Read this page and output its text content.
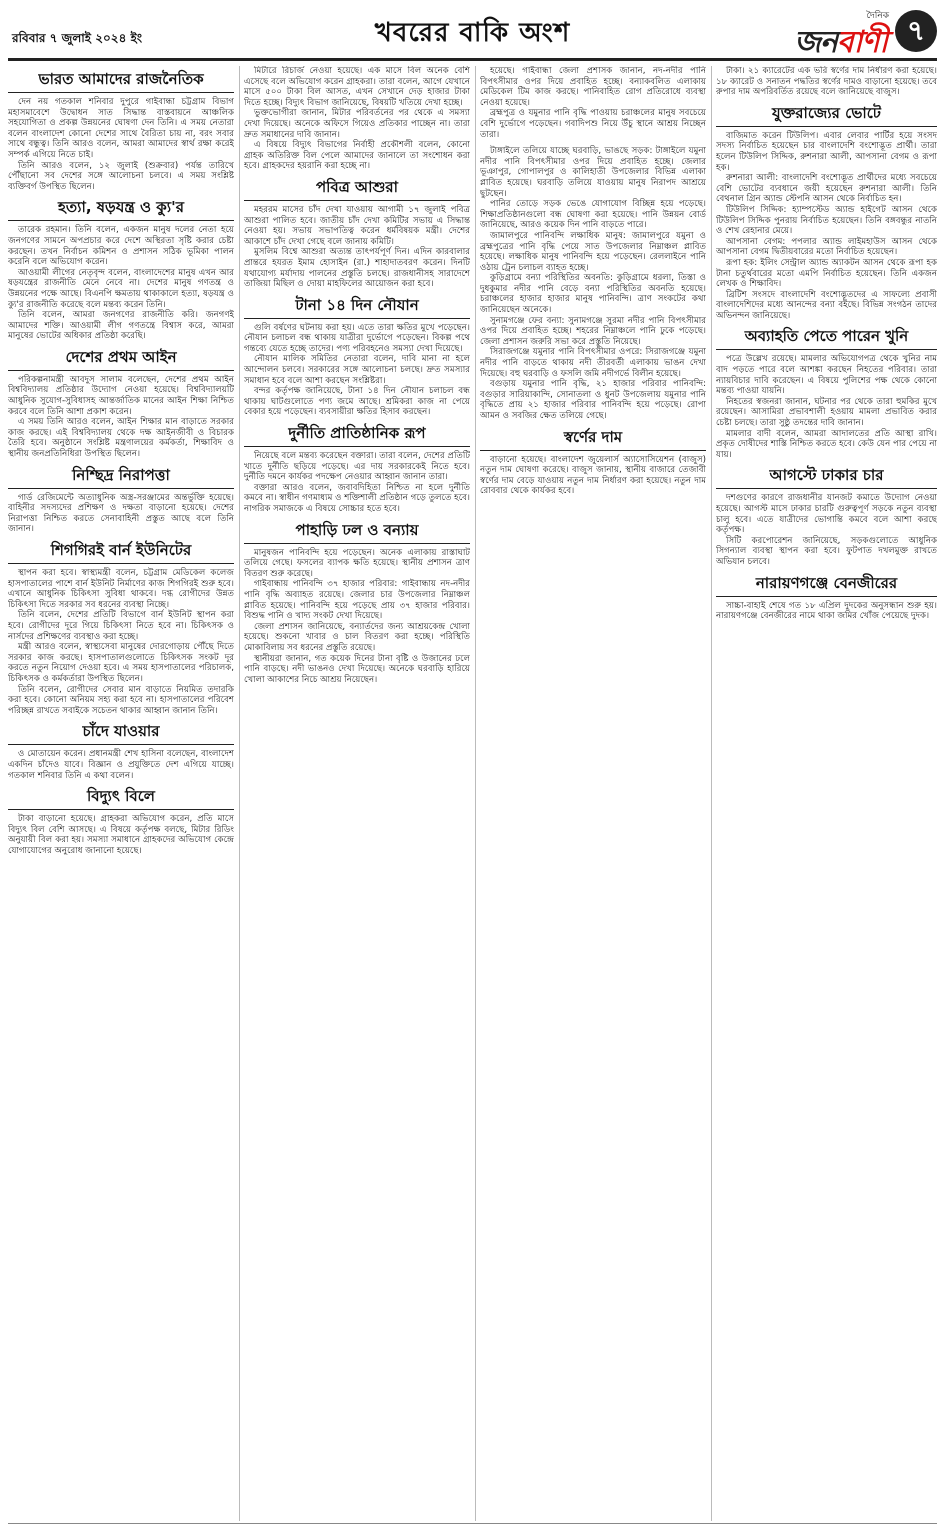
রবিবার ৭ জুলাই ২০২৪ ইং	খবরের বাকি অংশ
দৈনিক
জনবাণী ৭
ভারত আমাদের রাজনৈতিক

দেন নয় গতকাল শনিবার দুপুরে গাইবান্ধা চট্টগ্রাম বিভাগ মহাসমাবেশে উদ্বোধন সাত সিদ্ধান্ত বাস্তবায়নে আঞ্চলিক সহযোগিতা ও প্রকল্প উন্নয়নের ঘোষণা দেন তিনি। এ সময় নেতারা বলেন বাংলাদেশ কোনো দেশের সাথে বৈরিতা চায় না, বরং সবার সাথে বন্ধুত্ব। তিনি আরও বলেন, আমরা আমাদের স্বার্থ রক্ষা করেই সম্পর্ক এগিয়ে নিতে চাই।

তিনি আরও বলেন, ১২ জুলাই (শুক্রবার) পর্যন্ত তারিখে পৌঁছানো সব দেশের সঙ্গে আলোচনা চলবে। এ সময় সংশ্লিষ্ট ব্যক্তিবর্গ উপস্থিত ছিলেন।

হত্যা, ষড়যন্ত্র ও ক্যু'র

তারেক রহমান। তিনি বলেন, একজন মানুষ দলের নেতা হয়ে জনগণের সামনে অপপ্রচার করে দেশে অস্থিরতা সৃষ্টি করার চেষ্টা করছেন। তখন নির্বাচন কমিশন ও প্রশাসন সঠিক ভূমিকা পালন করেনি বলে অভিযোগ করেন।

আওয়ামী লীগের নেতৃবৃন্দ বলেন, বাংলাদেশের মানুষ এখন আর ষড়যন্ত্রের রাজনীতি মেনে নেবে না। দেশের মানুষ গণতন্ত্র ও উন্নয়নের পক্ষে আছে। বিএনপি ক্ষমতায় থাকাকালে হত্যা, ষড়যন্ত্র ও ক্যু'র রাজনীতি করেছে বলে মন্তব্য করেন তিনি।

তিনি বলেন, আমরা জনগণের রাজনীতি করি। জনগণই আমাদের শক্তি। আওয়ামী লীগ গণতন্ত্রে বিশ্বাস করে, আমরা মানুষের ভোটের অধিকার প্রতিষ্ঠা করেছি।

দেশের প্রথম আইন

পরিকল্পনামন্ত্রী আবদুস সালাম বলেছেন, দেশের প্রথম আইন বিশ্ববিদ্যালয় প্রতিষ্ঠার উদ্যোগ নেওয়া হয়েছে। বিশ্ববিদ্যালয়টি আধুনিক সুযোগ-সুবিধাসহ আন্তর্জাতিক মানের আইন শিক্ষা নিশ্চিত করবে বলে তিনি আশা প্রকাশ করেন।

এ সময় তিনি আরও বলেন, আইন শিক্ষার মান বাড়াতে সরকার কাজ করছে। এই বিশ্ববিদ্যালয় থেকে দক্ষ আইনজীবী ও বিচারক তৈরি হবে। অনুষ্ঠানে সংশ্লিষ্ট মন্ত্রণালয়ের কর্মকর্তা, শিক্ষাবিদ ও স্থানীয় জনপ্রতিনিধিরা উপস্থিত ছিলেন।

নিশ্ছিদ্র নিরাপত্তা

গার্ড রেজিমেন্টে অত্যাধুনিক অস্ত্র-সরঞ্জামের অন্তর্ভুক্তি হয়েছে। বাহিনীর সদস্যদের প্রশিক্ষণ ও দক্ষতা বাড়ানো হয়েছে। দেশের নিরাপত্তা নিশ্চিত করতে সেনাবাহিনী প্রস্তুত আছে বলে তিনি জানান।

শিগগিরই বার্ন ইউনিটের

স্থাপন করা হবে। স্বাস্থ্যমন্ত্রী বলেন, চট্টগ্রাম মেডিকেল কলেজ হাসপাতালের পাশে বার্ন ইউনিট নির্মাণের কাজ শিগগিরই শুরু হবে। এখানে আধুনিক চিকিৎসা সুবিধা থাকবে। দগ্ধ রোগীদের উন্নত চিকিৎসা দিতে সরকার সব ধরনের ব্যবস্থা নিচ্ছে।

তিনি বলেন, দেশের প্রতিটি বিভাগে বার্ন ইউনিট স্থাপন করা হবে। রোগীদের দূরে গিয়ে চিকিৎসা নিতে হবে না। চিকিৎসক ও নার্সদের প্রশিক্ষণের ব্যবস্থাও করা হচ্ছে।

মন্ত্রী আরও বলেন, স্বাস্থ্যসেবা মানুষের দোরগোড়ায় পৌঁছে দিতে সরকার কাজ করছে। হাসপাতালগুলোতে চিকিৎসক সংকট দূর করতে নতুন নিয়োগ দেওয়া হবে। এ সময় হাসপাতালের পরিচালক, চিকিৎসক ও কর্মকর্তারা উপস্থিত ছিলেন।

তিনি বলেন, রোগীদের সেবার মান বাড়াতে নিয়মিত তদারকি করা হবে। কোনো অনিয়ম সহ্য করা হবে না। হাসপাতালের পরিবেশ পরিচ্ছন্ন রাখতে সবাইকে সচেতন থাকার আহ্বান জানান তিনি।

চাঁদে যাওয়ার

ও মোতায়েন করেন। প্রধানমন্ত্রী শেখ হাসিনা বলেছেন, বাংলাদেশ একদিন চাঁদেও যাবে। বিজ্ঞান ও প্রযুক্তিতে দেশ এগিয়ে যাচ্ছে। গতকাল শনিবার তিনি এ কথা বলেন।

বিদ্যুৎ বিলে

টাকা বাড়ানো হয়েছে। গ্রাহকরা অভিযোগ করেন, প্রতি মাসে বিদ্যুৎ বিল বেশি আসছে। এ বিষয়ে কর্তৃপক্ষ বলছে, মিটার রিডিং অনুযায়ী বিল করা হয়। সমস্যা সমাধানে গ্রাহকদের অভিযোগ কেন্দ্রে যোগাযোগের অনুরোধ জানানো হয়েছে।

মিটারে রিচার্জ নেওয়া হয়েছে। এক মাসে বিল অনেক বেশি এসেছে বলে অভিযোগ করেন গ্রাহকরা। তারা বলেন, আগে যেখানে মাসে ৫০০ টাকা বিল আসত, এখন সেখানে দেড় হাজার টাকা দিতে হচ্ছে। বিদ্যুৎ বিভাগ জানিয়েছে, বিষয়টি খতিয়ে দেখা হচ্ছে।

ভুক্তভোগীরা জানান, মিটার পরিবর্তনের পর থেকে এ সমস্যা দেখা দিয়েছে। অনেকে অফিসে গিয়েও প্রতিকার পাচ্ছেন না। তারা দ্রুত সমাধানের দাবি জানান।

এ বিষয়ে বিদ্যুৎ বিভাগের নির্বাহী প্রকৌশলী বলেন, কোনো গ্রাহক অতিরিক্ত বিল পেলে আমাদের জানালে তা সংশোধন করা হবে। গ্রাহকদের হয়রানি করা হচ্ছে না।

পবিত্র আশুরা

মহররম মাসের চাঁদ দেখা যাওয়ায় আগামী ১৭ জুলাই পবিত্র আশুরা পালিত হবে। জাতীয় চাঁদ দেখা কমিটির সভায় এ সিদ্ধান্ত নেওয়া হয়। সভায় সভাপতিত্ব করেন ধর্মবিষয়ক মন্ত্রী। দেশের আকাশে চাঁদ দেখা গেছে বলে জানায় কমিটি।

মুসলিম বিশ্বে আশুরা অত্যন্ত তাৎপর্যপূর্ণ দিন। এদিন কারবালার প্রান্তরে হযরত ইমাম হোসাইন (রা.) শাহাদাতবরণ করেন। দিনটি যথাযোগ্য মর্যাদায় পালনের প্রস্তুতি চলছে। রাজধানীসহ সারাদেশে তাজিয়া মিছিল ও দোয়া মাহফিলের আয়োজন করা হবে।

টানা ১৪ দিন নৌযান

গুলি বর্ষণের ঘটনায় করা হয়। এতে তারা ক্ষতির মুখে পড়েছেন। নৌযান চলাচল বন্ধ থাকায় যাত্রীরা দুর্ভোগে পড়েছেন। বিকল্প পথে গন্তব্যে যেতে হচ্ছে তাদের। পণ্য পরিবহনেও সমস্যা দেখা দিয়েছে।

নৌযান মালিক সমিতির নেতারা বলেন, দাবি মানা না হলে আন্দোলন চলবে। সরকারের সঙ্গে আলোচনা চলছে। দ্রুত সমস্যার সমাধান হবে বলে আশা করছেন সংশ্লিষ্টরা।

বন্দর কর্তৃপক্ষ জানিয়েছে, টানা ১৪ দিন নৌযান চলাচল বন্ধ থাকায় ঘাটগুলোতে পণ্য জমে আছে। শ্রমিকরা কাজ না পেয়ে বেকার হয়ে পড়েছেন। ব্যবসায়ীরা ক্ষতির হিসাব করছেন।

দুর্নীতি প্রাতিষ্ঠানিক রূপ

নিয়েছে বলে মন্তব্য করেছেন বক্তারা। তারা বলেন, দেশের প্রতিটি খাতে দুর্নীতি ছড়িয়ে পড়েছে। এর দায় সরকারকেই নিতে হবে। দুর্নীতি দমনে কার্যকর পদক্ষেপ নেওয়ার আহ্বান জানান তারা।

বক্তারা আরও বলেন, জবাবদিহিতা নিশ্চিত না হলে দুর্নীতি কমবে না। স্বাধীন গণমাধ্যম ও শক্তিশালী প্রতিষ্ঠান গড়ে তুলতে হবে। নাগরিক সমাজকে এ বিষয়ে সোচ্চার হতে হবে।

পাহাড়ি ঢল ও বন্যায়

মানুষজন পানিবন্দি হয়ে পড়েছেন। অনেক এলাকায় রাস্তাঘাট তলিয়ে গেছে। ফসলের ব্যাপক ক্ষতি হয়েছে। স্থানীয় প্রশাসন ত্রাণ বিতরণ শুরু করেছে।

গাইবান্ধায় পানিবন্দি ৩৭ হাজার পরিবার: গাইবান্ধায় নদ-নদীর পানি বৃদ্ধি অব্যাহত রয়েছে। জেলার চার উপজেলার নিম্নাঞ্চল প্লাবিত হয়েছে। পানিবন্দি হয়ে পড়েছে প্রায় ৩৭ হাজার পরিবার। বিশুদ্ধ পানি ও খাদ্য সংকট দেখা দিয়েছে।

জেলা প্রশাসন জানিয়েছে, বন্যার্তদের জন্য আশ্রয়কেন্দ্র খোলা হয়েছে। শুকনো খাবার ও চাল বিতরণ করা হচ্ছে। পরিস্থিতি মোকাবিলায় সব ধরনের প্রস্তুতি রয়েছে।

স্থানীয়রা জানান, গত কয়েক দিনের টানা বৃষ্টি ও উজানের ঢলে পানি বাড়ছে। নদী ভাঙনও দেখা দিয়েছে। অনেকে ঘরবাড়ি হারিয়ে খোলা আকাশের নিচে আশ্রয় নিয়েছেন।

হয়েছে। গাইবান্ধা জেলা প্রশাসক জানান, নদ-নদীর পানি বিপৎসীমার ওপর দিয়ে প্রবাহিত হচ্ছে। বন্যাকবলিত এলাকায় মেডিকেল টিম কাজ করছে। পানিবাহিত রোগ প্রতিরোধে ব্যবস্থা নেওয়া হয়েছে।

ব্রহ্মপুত্র ও যমুনার পানি বৃদ্ধি পাওয়ায় চরাঞ্চলের মানুষ সবচেয়ে বেশি দুর্ভোগে পড়েছেন। গবাদিপশু নিয়ে উঁচু স্থানে আশ্রয় নিচ্ছেন তারা।

টাঙ্গাইলে তলিয়ে যাচ্ছে ঘরবাড়ি, ভাঙছে সড়ক: টাঙ্গাইলে যমুনা নদীর পানি বিপৎসীমার ওপর দিয়ে প্রবাহিত হচ্ছে। জেলার ভূঞাপুর, গোপালপুর ও কালিহাতী উপজেলার বিভিন্ন এলাকা প্লাবিত হয়েছে। ঘরবাড়ি তলিয়ে যাওয়ায় মানুষ নিরাপদ আশ্রয়ে ছুটছেন।

পানির তোড়ে সড়ক ভেঙে যোগাযোগ বিচ্ছিন্ন হয়ে পড়েছে। শিক্ষাপ্রতিষ্ঠানগুলো বন্ধ ঘোষণা করা হয়েছে। পানি উন্নয়ন বোর্ড জানিয়েছে, আরও কয়েক দিন পানি বাড়তে পারে।

জামালপুরে পানিবন্দি লক্ষাধিক মানুষ: জামালপুরে যমুনা ও ব্রহ্মপুত্রের পানি বৃদ্ধি পেয়ে সাত উপজেলার নিম্নাঞ্চল প্লাবিত হয়েছে। লক্ষাধিক মানুষ পানিবন্দি হয়ে পড়েছেন। রেললাইনে পানি ওঠায় ট্রেন চলাচল ব্যাহত হচ্ছে।

কুড়িগ্রামে বন্যা পরিস্থিতির অবনতি: কুড়িগ্রামে ধরলা, তিস্তা ও দুধকুমার নদীর পানি বেড়ে বন্যা পরিস্থিতির অবনতি হয়েছে। চরাঞ্চলের হাজার হাজার মানুষ পানিবন্দি। ত্রাণ সংকটের কথা জানিয়েছেন অনেকে।

সুনামগঞ্জে ফের বন্যা: সুনামগঞ্জে সুরমা নদীর পানি বিপৎসীমার ওপর দিয়ে প্রবাহিত হচ্ছে। শহরের নিম্নাঞ্চলে পানি ঢুকে পড়েছে। জেলা প্রশাসন জরুরি সভা করে প্রস্তুতি নিয়েছে।

সিরাজগঞ্জে যমুনার পানি বিপৎসীমার ওপরে: সিরাজগঞ্জে যমুনা নদীর পানি বাড়তে থাকায় নদী তীরবর্তী এলাকায় ভাঙন দেখা দিয়েছে। বহু ঘরবাড়ি ও ফসলি জমি নদীগর্ভে বিলীন হয়েছে।

বগুড়ায় যমুনার পানি বৃদ্ধি, ২১ হাজার পরিবার পানিবন্দি: বগুড়ার সারিয়াকান্দি, সোনাতলা ও ধুনট উপজেলায় যমুনার পানি বৃদ্ধিতে প্রায় ২১ হাজার পরিবার পানিবন্দি হয়ে পড়েছে। রোপা আমন ও সবজির ক্ষেত তলিয়ে গেছে।

স্বর্ণের দাম

বাড়ানো হয়েছে। বাংলাদেশ জুয়েলার্স অ্যাসোসিয়েশন (বাজুস) নতুন দাম ঘোষণা করেছে। বাজুস জানায়, স্থানীয় বাজারে তেজাবী স্বর্ণের দাম বেড়ে যাওয়ায় নতুন দাম নির্ধারণ করা হয়েছে। নতুন দাম রোববার থেকে কার্যকর হবে।

টাকা। ২১ ক্যারেটের এক ভরি স্বর্ণের দাম নির্ধারণ করা হয়েছে। ১৮ ক্যারেট ও সনাতন পদ্ধতির স্বর্ণের দামও বাড়ানো হয়েছে। তবে রুপার দাম অপরিবর্তিত রয়েছে বলে জানিয়েছে বাজুস।

যুক্তরাজ্যের ভোটে

বাজিমাত করেন টিউলিপ। এবার লেবার পার্টির হয়ে সংসদ সদস্য নির্বাচিত হয়েছেন চার বাংলাদেশি বংশোদ্ভূত প্রার্থী। তারা হলেন টিউলিপ সিদ্দিক, রুশনারা আলী, আপসানা বেগম ও রূপা হক।

রুশনারা আলী: বাংলাদেশি বংশোদ্ভূত প্রার্থীদের মধ্যে সবচেয়ে বেশি ভোটের ব্যবধানে জয়ী হয়েছেন রুশনারা আলী। তিনি বেথনাল গ্রিন অ্যান্ড স্টেপনি আসন থেকে নির্বাচিত হন।

টিউলিপ সিদ্দিক: হ্যাম্পস্টেড অ্যান্ড হাইগেট আসন থেকে টিউলিপ সিদ্দিক পুনরায় নির্বাচিত হয়েছেন। তিনি বঙ্গবন্ধুর নাতনি ও শেখ রেহানার মেয়ে।

আপসানা বেগম: পপলার অ্যান্ড লাইমহাউস আসন থেকে আপসানা বেগম দ্বিতীয়বারের মতো নির্বাচিত হয়েছেন।

রূপা হক: ইলিং সেন্ট্রাল অ্যান্ড অ্যাকটন আসন থেকে রূপা হক টানা চতুর্থবারের মতো এমপি নির্বাচিত হয়েছেন। তিনি একজন লেখক ও শিক্ষাবিদ।

ব্রিটিশ সংসদে বাংলাদেশি বংশোদ্ভূতদের এ সাফল্যে প্রবাসী বাংলাদেশিদের মধ্যে আনন্দের বন্যা বইছে। বিভিন্ন সংগঠন তাদের অভিনন্দন জানিয়েছে।

অব্যাহতি পেতে পারেন খুনি

পত্রে উল্লেখ রয়েছে। মামলার অভিযোগপত্র থেকে খুনির নাম বাদ পড়তে পারে বলে আশঙ্কা করছেন নিহতের পরিবার। তারা ন্যায়বিচার দাবি করেছেন। এ বিষয়ে পুলিশের পক্ষ থেকে কোনো মন্তব্য পাওয়া যায়নি।

নিহতের স্বজনরা জানান, ঘটনার পর থেকে তারা হুমকির মুখে রয়েছেন। আসামিরা প্রভাবশালী হওয়ায় মামলা প্রভাবিত করার চেষ্টা চলছে। তারা সুষ্ঠু তদন্তের দাবি জানান।

মামলার বাদী বলেন, আমরা আদালতের প্রতি আস্থা রাখি। প্রকৃত দোষীদের শাস্তি নিশ্চিত করতে হবে। কেউ যেন পার পেয়ে না যায়।

আগস্টে ঢাকার চার

দশগুণের কারণে রাজধানীর যানজট কমাতে উদ্যোগ নেওয়া হয়েছে। আগস্ট মাসে ঢাকার চারটি গুরুত্বপূর্ণ সড়কে নতুন ব্যবস্থা চালু হবে। এতে যাত্রীদের ভোগান্তি কমবে বলে আশা করছে কর্তৃপক্ষ।

সিটি করপোরেশন জানিয়েছে, সড়কগুলোতে আধুনিক সিগন্যাল ব্যবস্থা স্থাপন করা হবে। ফুটপাত দখলমুক্ত রাখতে অভিযান চলবে।

নারায়ণগঞ্জে বেনজীরের

সাচ্চা-বাহাই শেষে গত ১৮ এপ্রিল দুদকের অনুসন্ধান শুরু হয়। নারায়ণগঞ্জে বেনজীরের নামে থাকা জমির খোঁজ পেয়েছে দুদক।
